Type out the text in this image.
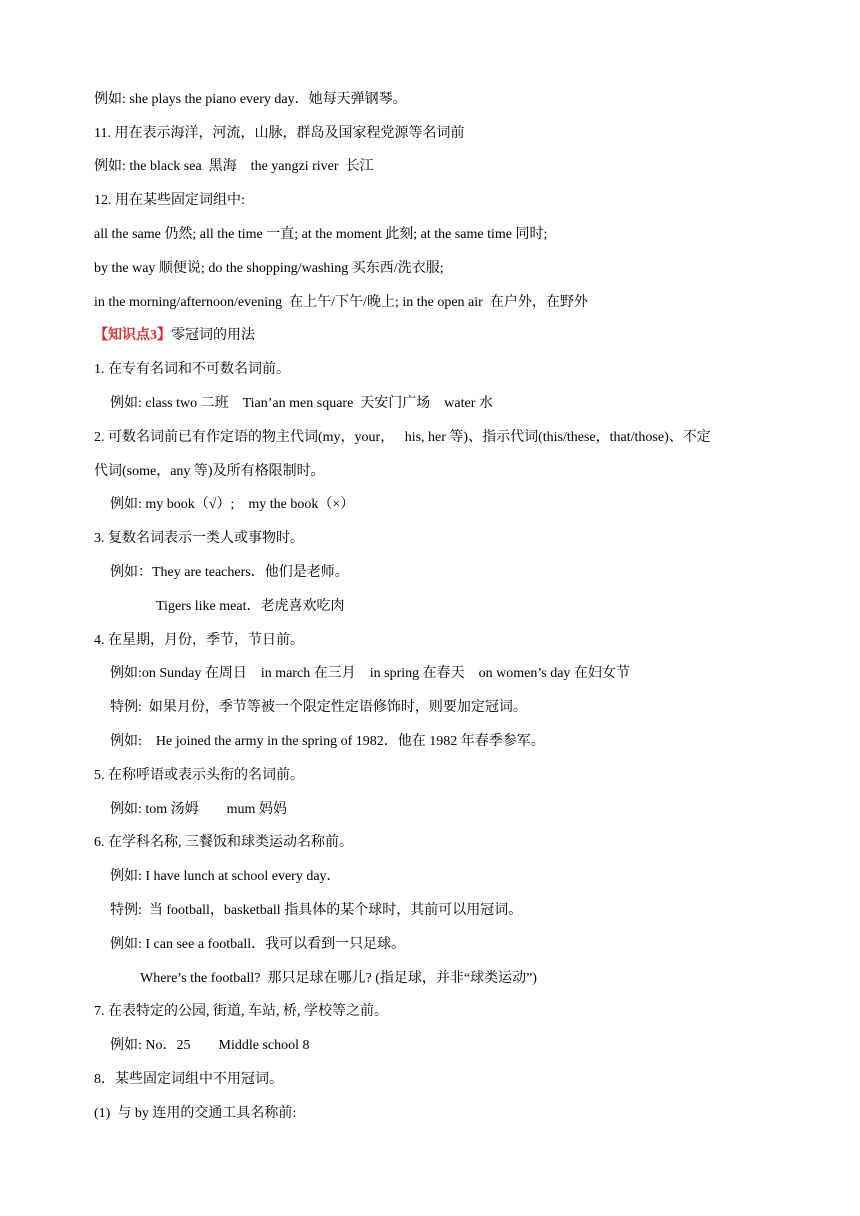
例如: she plays the piano every day．她每天弹钢琴。
11. 用在表示海洋，河流，山脉，群岛及国家程党源等名词前
例如: the black sea  黑海    the yangzi river  长江
12. 用在某些固定词组中:
all the same 仍然; all the time 一直; at the moment 此刻; at the same time 同时;
by the way 顺便说; do the shopping/washing 买东西/洗衣服;
in the morning/afternoon/evening  在上午/下午/晚上; in the open air  在户外，在野外
【知识点3】零冠词的用法
1. 在专有名词和不可数名词前。
例如: class two 二班    Tian’an men square  天安门广场    water 水
2. 可数名词前已有作定语的物主代词(my，your，   his, her 等)、指示代词(this/these，that/those)、不定
代词(some，any 等)及所有格限制时。
例如: my book（√）;    my the book（×）
3. 复数名词表示一类人或事物时。
例如：They are teachers．他们是老师。
Tigers like meat．老虎喜欢吃肉
4. 在星期，月份，季节，节日前。
例如:on Sunday 在周日    in march 在三月    in spring 在春天    on women’s day 在妇女节
特例:  如果月份，季节等被一个限定性定语修饰时，则要加定冠词。
例如:    He joined the army in the spring of 1982．他在 1982 年春季参军。
5. 在称呼语或表示头衔的名词前。
例如: tom 汤姆        mum 妈妈
6. 在学科名称, 三餐饭和球类运动名称前。
例如: I have lunch at school every day．
特例:  当 football，basketball 指具体的某个球时，其前可以用冠词。
例如: I can see a football．我可以看到一只足球。
Where’s the football?  那只足球在哪儿? (指足球，并非“球类运动”)
7. 在表特定的公园, 街道, 车站, 桥, 学校等之前。
例如: No．25        Middle school 8
8．某些固定词组中不用冠词。
(1)  与 by 连用的交通工具名称前:
